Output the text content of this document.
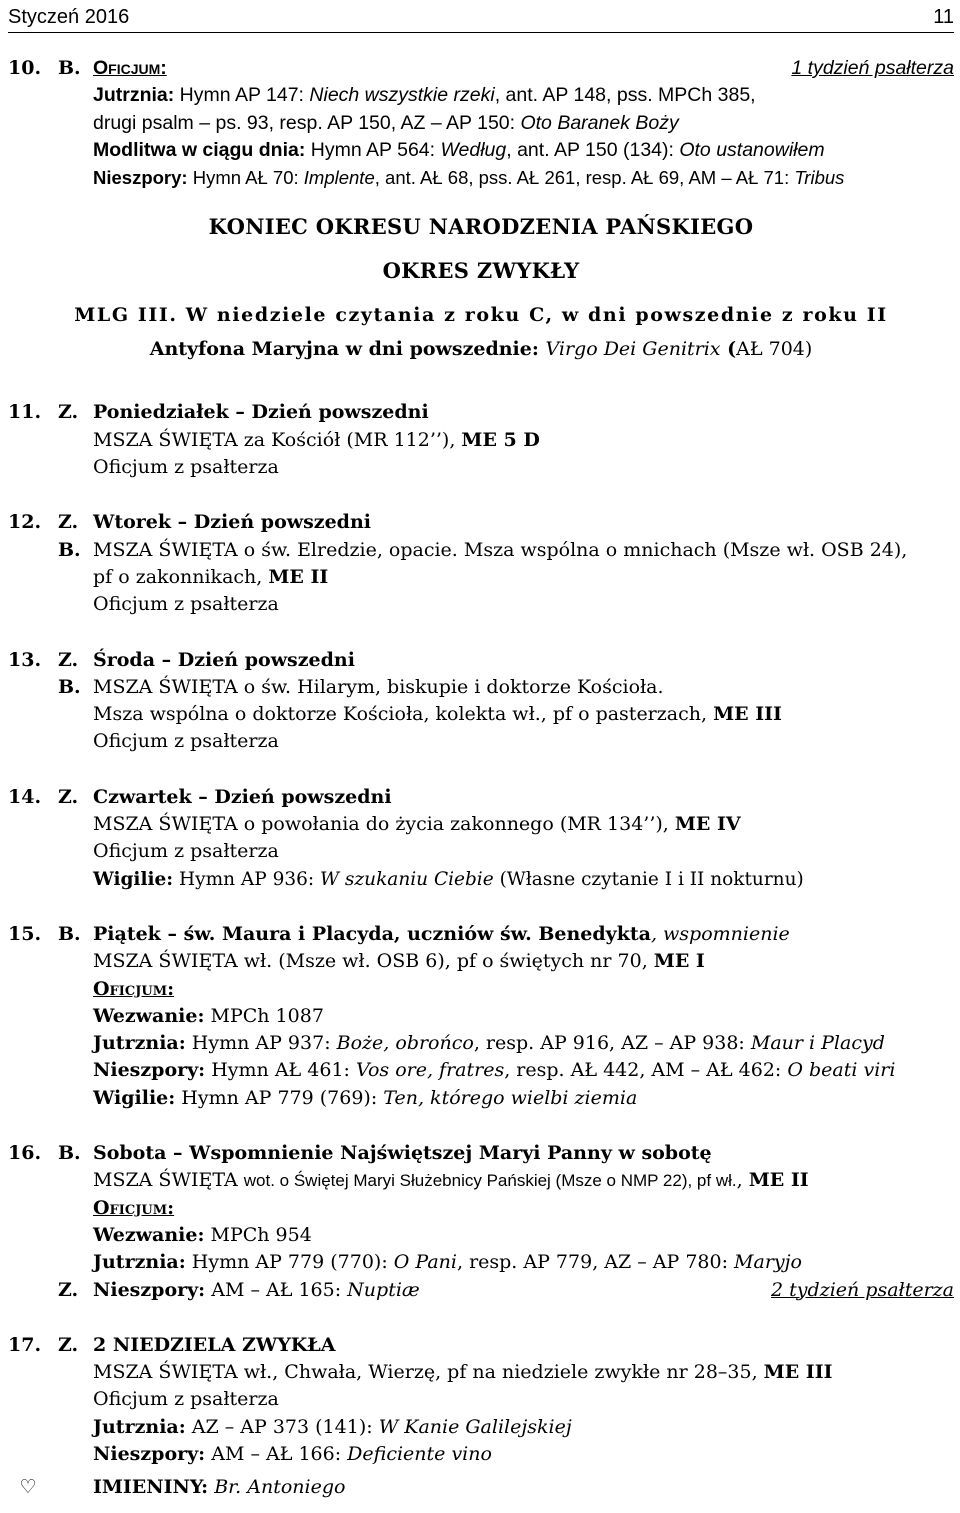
Styczeń 2016	11
10. B. Oficjum:	1 tydzień psałterza
Jutrznia: Hymn AP 147: Niech wszystkie rzeki, ant. AP 148, pss. MPCh 385,
drugi psalm – ps. 93, resp. AP 150, AZ – AP 150: Oto Baranek Boży
Modlitwa w ciągu dnia: Hymn AP 564: Według, ant. AP 150 (134): Oto ustanowiłem
Nieszpory: Hymn AŁ 70: Implente, ant. AŁ 68, pss. AŁ 261, resp. AŁ 69, AM – AŁ 71: Tribus
KONIEC OKRESU NARODZENIA PAŃSKIEGO
OKRES ZWYKŁY
MLG III. W niedziele czytania z roku C, w dni powszednie z roku II
Antyfona Maryjna w dni powszednie: Virgo Dei Genitrix (AŁ 704)
11. Z. Poniedziałek – Dzień powszedni
MSZA ŚWIĘTA za Kościół (MR 112’’), ME 5 D
Oficjum z psałterza
12. Z. Wtorek – Dzień powszedni
B. MSZA ŚWIĘTA o św. Elredzie, opacie. Msza wspólna o mnichach (Msze wł. OSB 24),
pf o zakonnikach, ME II
Oficjum z psałterza
13. Z. Środa – Dzień powszedni
B. MSZA ŚWIĘTA o św. Hilarym, biskupie i doktorze Kościoła.
Msza wspólna o doktorze Kościoła, kolekta wł., pf o pasterzach, ME III
Oficjum z psałterza
14. Z. Czwartek – Dzień powszedni
MSZA ŚWIĘTA o powołania do życia zakonnego (MR 134’’), ME IV
Oficjum z psałterza
Wigilie: Hymn AP 936: W szukaniu Ciebie (Własne czytanie I i II nokturnu)
15. B. Piątek – św. Maura i Placyda, uczniów św. Benedykta, wspomnienie
MSZA ŚWIĘTA wł. (Msze wł. OSB 6), pf o świętych nr 70, ME I
Oficjum:
Wezwanie: MPCh 1087
Jutrznia: Hymn AP 937: Boże, obrońco, resp. AP 916, AZ – AP 938: Maur i Placyd
Nieszpory: Hymn AŁ 461: Vos ore, fratres, resp. AŁ 442, AM – AŁ 462: O beati viri
Wigilie: Hymn AP 779 (769): Ten, którego wielbi ziemia
16. B. Sobota – Wspomnienie Najświętszej Maryi Panny w sobotę
MSZA ŚWIĘTA wot. o Świętej Maryi Służebnicy Pańskiej (Msze o NMP 22), pf wł., ME II
Oficjum:
Wezwanie: MPCh 954
Jutrznia: Hymn AP 779 (770): O Pani, resp. AP 779, AZ – AP 780: Maryjo
Z. Nieszpory: AM – AŁ 165: Nuptiæ	2 tydzień psałterza
17. Z. 2 NIEDZIELA ZWYKŁA
MSZA ŚWIĘTA wł., Chwała, Wierzę, pf na niedziele zwykłe nr 28–35, ME III
Oficjum z psałterza
Jutrznia: AZ – AP 373 (141): W Kanie Galilejskiej
Nieszpory: AM – AŁ 166: Deficiente vino
♡	IMIENINY: Br. Antoniego
